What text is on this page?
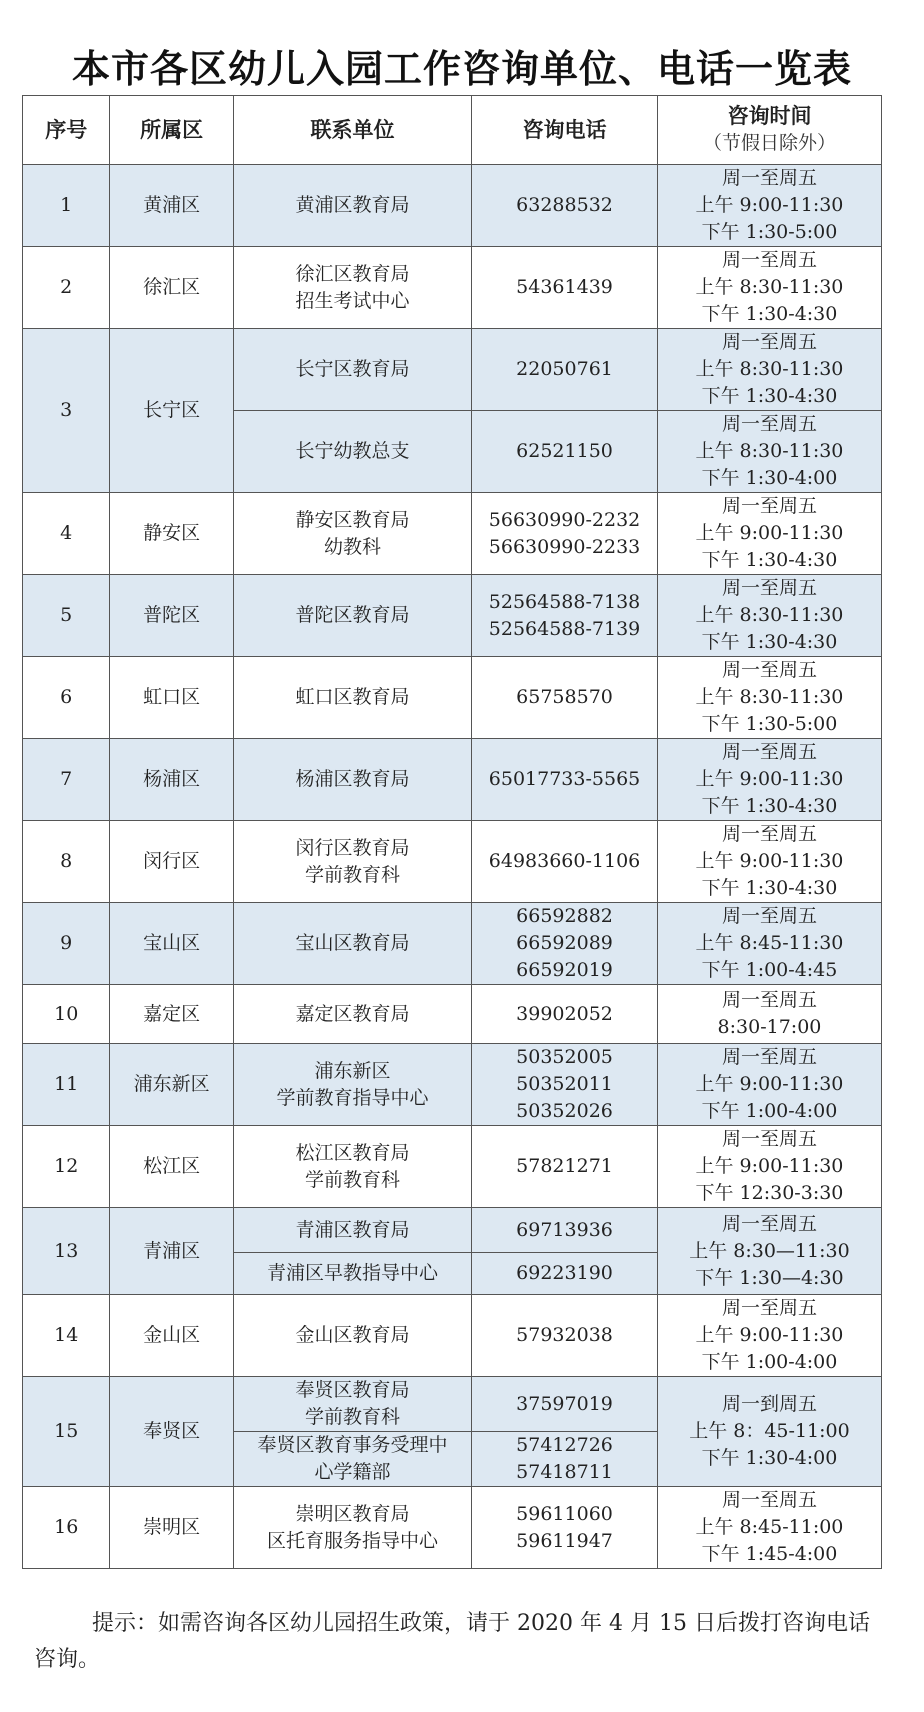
本市各区幼儿入园工作咨询单位、电话一览表
序号	所属区	联系单位	咨询电话	咨询时间
（节假日除外）

1	黄浦区	黄浦区教育局	63288532	周一至周五
上午 9:00-11:30
下午 1:30-5:00

2	徐汇区	徐汇区教育局
招生考试中心	54361439	周一至周五
上午 8:30-11:30
下午 1:30-4:30

3	长宁区	长宁区教育局	22050761	周一至周五
上午 8:30-11:30
下午 1:30-4:30

		长宁幼教总支	62521150	周一至周五
上午 8:30-11:30
下午 1:30-4:00

4	静安区	静安区教育局
幼教科	56630990-2232
56630990-2233	周一至周五
上午 9:00-11:30
下午 1:30-4:30

5	普陀区	普陀区教育局	52564588-7138
52564588-7139	周一至周五
上午 8:30-11:30
下午 1:30-4:30

6	虹口区	虹口区教育局	65758570	周一至周五
上午 8:30-11:30
下午 1:30-5:00

7	杨浦区	杨浦区教育局	65017733-5565	周一至周五
上午 9:00-11:30
下午 1:30-4:30

8	闵行区	闵行区教育局
学前教育科	64983660-1106	周一至周五
上午 9:00-11:30
下午 1:30-4:30

9	宝山区	宝山区教育局	66592882
66592089
66592019	周一至周五
上午 8:45-11:30
下午 1:00-4:45

10	嘉定区	嘉定区教育局	39902052	周一至周五
8:30-17:00

11	浦东新区	浦东新区
学前教育指导中心	50352005
50352011
50352026	周一至周五
上午 9:00-11:30
下午 1:00-4:00

12	松江区	松江区教育局
学前教育科	57821271	周一至周五
上午 9:00-11:30
下午 12:30-3:30

13	青浦区	青浦区教育局	69713936	周一至周五
上午 8:30—11:30
下午 1:30—4:30

		青浦区早教指导中心	69223190	

14	金山区	金山区教育局	57932038	周一至周五
上午 9:00-11:30
下午 1:00-4:00

15	奉贤区	奉贤区教育局
学前教育科	37597019	周一到周五
上午 8：45-11:00
下午 1:30-4:00

		奉贤区教育事务受理中
心学籍部	57412726
57418711	

16	崇明区	崇明区教育局
区托育服务指导中心	59611060
59611947	周一至周五
上午 8:45-11:00
下午 1:45-4:00
提示：如需咨询各区幼儿园招生政策，请于 2020 年 4 月 15 日后拨打咨询电话咨询。
